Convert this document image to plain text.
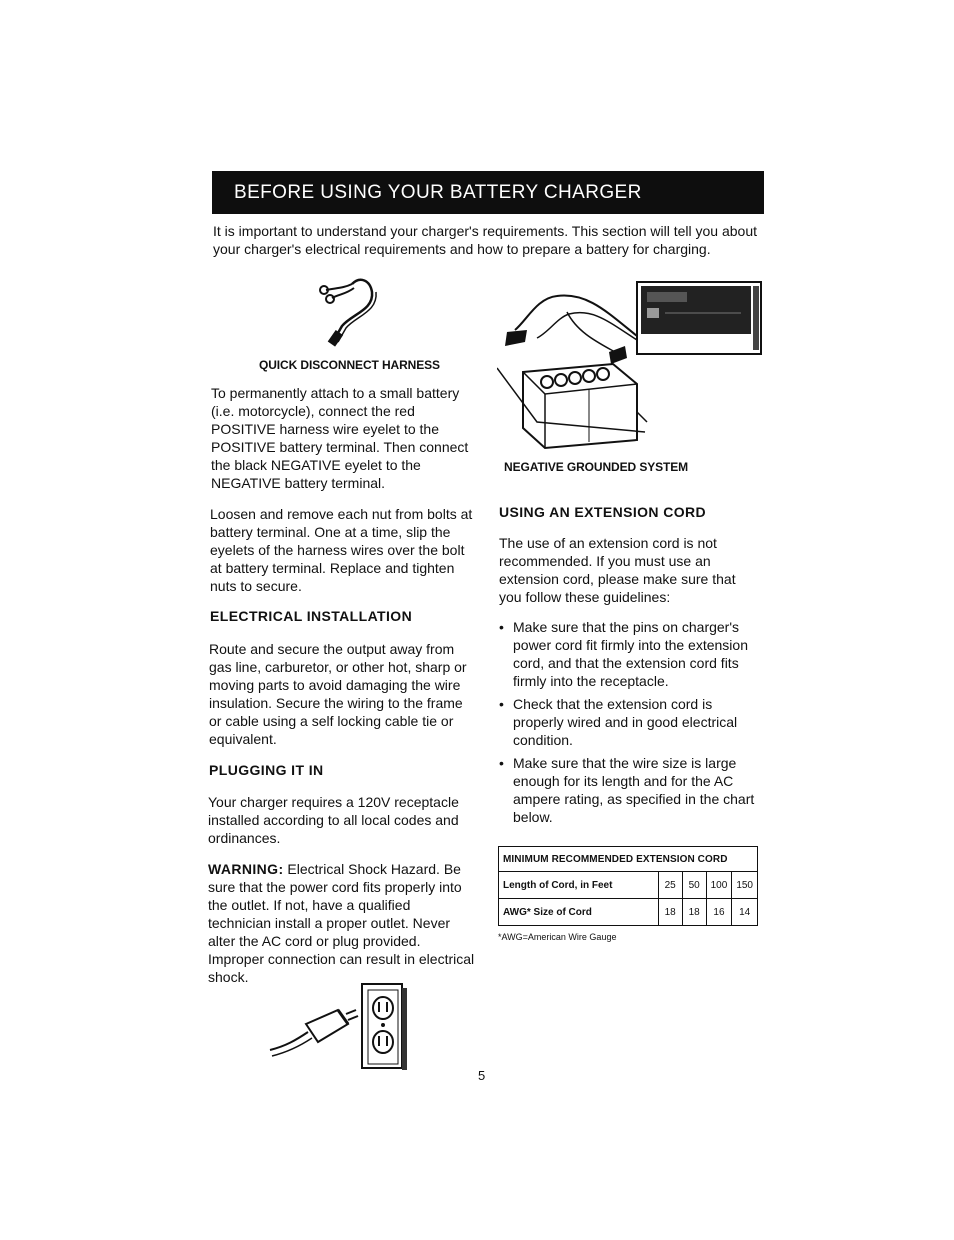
BEFORE USING YOUR BATTERY CHARGER

It is important to understand your charger's requirements. This section will tell you about your charger's electrical requirements and how to prepare a battery for charging.

QUICK DISCONNECT HARNESS

NEGATIVE GROUNDED SYSTEM

To permanently attach to a small battery (i.e. motorcycle), connect the red POSITIVE harness wire eyelet to the POSITIVE battery terminal. Then connect the black NEGATIVE eyelet to the NEGATIVE battery terminal.

Loosen and remove each nut from bolts at battery terminal. One at a time, slip the eyelets of the harness wires over the bolt at battery terminal. Replace and tighten nuts to secure.

ELECTRICAL INSTALLATION

Route and secure the output away from gas line, carburetor, or other hot, sharp or moving parts to avoid damaging the wire insulation. Secure the wiring to the frame or cable using a self locking cable tie or equivalent.

PLUGGING IT IN

Your charger requires a 120V receptacle installed according to all local codes and ordinances.

WARNING: Electrical Shock Hazard. Be sure that the power cord fits properly into the outlet. If not, have a qualified technician install a proper outlet. Never alter the AC cord or plug provided. Improper connection can result in electrical shock.

USING AN EXTENSION CORD

The use of an extension cord is not recommended. If you must use an extension cord, please make sure that you follow these guidelines:

• Make sure that the pins on charger's power cord fit firmly into the extension cord, and that the extension cord fits firmly into the receptacle.
• Check that the extension cord is properly wired and in good electrical condition.
• Make sure that the wire size is large enough for its length and for the AC ampere rating, as specified in the chart below.
MINIMUM RECOMMENDED EXTENSION CORD				
Length of Cord, in Feet	25	50	100	150
AWG* Size of Cord	18	18	16	14

*AWG=American Wire Gauge

5
